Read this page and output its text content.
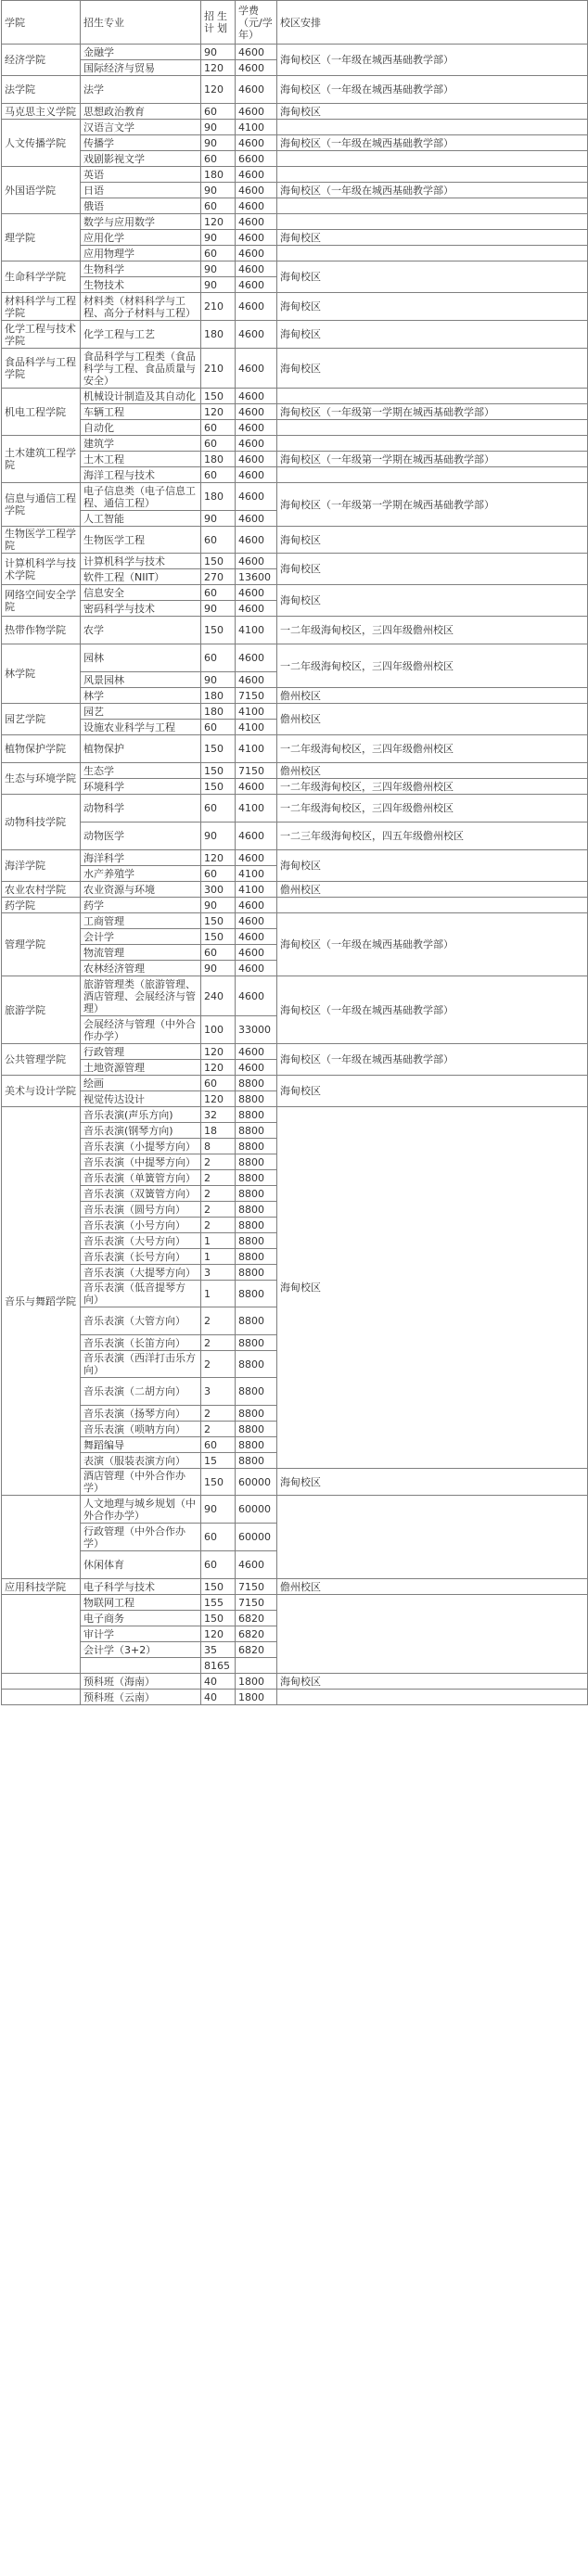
学院	招生专业	招生计划	学费（元/学年）	校区安排
经济学院	金融学	90	4600	海甸校区（一年级在城西基础教学部）
	国际经济与贸易	120	4600	
法学院	法学	120	4600	海甸校区（一年级在城西基础教学部）
马克思主义学院	思想政治教育	60	4600	海甸校区
人文传播学院	汉语言文学	90	4100	
	传播学	90	4600	海甸校区（一年级在城西基础教学部）
	戏剧影视文学	60	6600	
外国语学院	英语	180	4600	
	日语	90	4600	海甸校区（一年级在城西基础教学部）
	俄语	60	4600	
理学院	数学与应用数学	120	4600	
	应用化学	90	4600	海甸校区
	应用物理学	60	4600	
生命科学学院	生物科学	90	4600	海甸校区
	生物技术	90	4600	
材料科学与工程学院	材料类（材料科学与工程、高分子材料与工程）	210	4600	海甸校区
化学工程与技术学院	化学工程与工艺	180	4600	海甸校区
食品科学与工程学院	食品科学与工程类（食品科学与工程、食品质量与安全）	210	4600	海甸校区
机电工程学院	机械设计制造及其自动化	150	4600	
	车辆工程	120	4600	海甸校区（一年级第一学期在城西基础教学部）
	自动化	60	4600	
土木建筑工程学院	建筑学	60	4600	
	土木工程	180	4600	海甸校区（一年级第一学期在城西基础教学部）
	海洋工程与技术	60	4600	
信息与通信工程学院	电子信息类（电子信息工程、通信工程）	180	4600	海甸校区（一年级第一学期在城西基础教学部）
	人工智能	90	4600	
生物医学工程学院	生物医学工程	60	4600	海甸校区
计算机科学与技术学院	计算机科学与技术	150	4600	海甸校区
	软件工程（NIIT）	270	13600	
网络空间安全学院	信息安全	60	4600	海甸校区
	密码科学与技术	90	4600	
热带作物学院	农学	150	4100	一二年级海甸校区，三四年级儋州校区
林学院	园林	60	4600	一二年级海甸校区，三四年级儋州校区
	风景园林	90	4600	
	林学	180	7150	儋州校区
园艺学院	园艺	180	4100	儋州校区
	设施农业科学与工程	60	4100	
植物保护学院	植物保护	150	4100	一二年级海甸校区，三四年级儋州校区
生态与环境学院	生态学	150	7150	儋州校区
	环境科学	150	4600	一二年级海甸校区，三四年级儋州校区
动物科技学院	动物科学	60	4100	一二年级海甸校区，三四年级儋州校区
	动物医学	90	4600	一二三年级海甸校区，四五年级儋州校区
海洋学院	海洋科学	120	4600	海甸校区
	水产养殖学	60	4100	
农业农村学院	农业资源与环境	300	4100	儋州校区
药学院	药学	90	4600	
管理学院	工商管理	150	4600	海甸校区（一年级在城西基础教学部）
	会计学	150	4600	
	物流管理	60	4600	
	农林经济管理	90	4600	
旅游学院	旅游管理类（旅游管理、酒店管理、会展经济与管理）	240	4600	海甸校区（一年级在城西基础教学部）
	会展经济与管理（中外合作办学）	100	33000	
公共管理学院	行政管理	120	4600	海甸校区（一年级在城西基础教学部）
	土地资源管理	120	4600	
美术与设计学院	绘画	60	8800	海甸校区
	视觉传达设计	120	8800	
音乐与舞蹈学院	音乐表演(声乐方向)	32	8800	海甸校区
	音乐表演(钢琴方向)	18	8800	
	音乐表演（小提琴方向）	8	8800	
	音乐表演（中提琴方向）	2	8800	
	音乐表演（单簧管方向）	2	8800	
	音乐表演（双簧管方向）	2	8800	
	音乐表演（圆号方向）	2	8800	
	音乐表演（小号方向）	2	8800	
	音乐表演（大号方向）	1	8800	
	音乐表演（长号方向）	1	8800	
	音乐表演（大提琴方向）	3	8800	
	音乐表演（低音提琴方向）	1	8800	
	音乐表演（大管方向）	2	8800	
	音乐表演（长笛方向）	2	8800	
	音乐表演（西洋打击乐方向）	2	8800	
	音乐表演（二胡方向）	3	8800	
	音乐表演（扬琴方向）	2	8800	
	音乐表演（唢呐方向）	2	8800	
	舞蹈编导	60	8800	
	表演（服装表演方向）	15	8800	
	酒店管理（中外合作办学）	150	60000	海甸校区
	人文地理与城乡规划（中外合作办学）	90	60000	
	行政管理（中外合作办学）	60	60000	
	休闲体育	60	4600	
应用科技学院	电子科学与技术	150	7150	儋州校区
	物联网工程	155	7150	
	电子商务	150	6820	
	审计学	120	6820	
	会计学（3+2）	35	6820	
		8165		
	预科班（海南）	40	1800	海甸校区
	预科班（云南）	40	1800	
